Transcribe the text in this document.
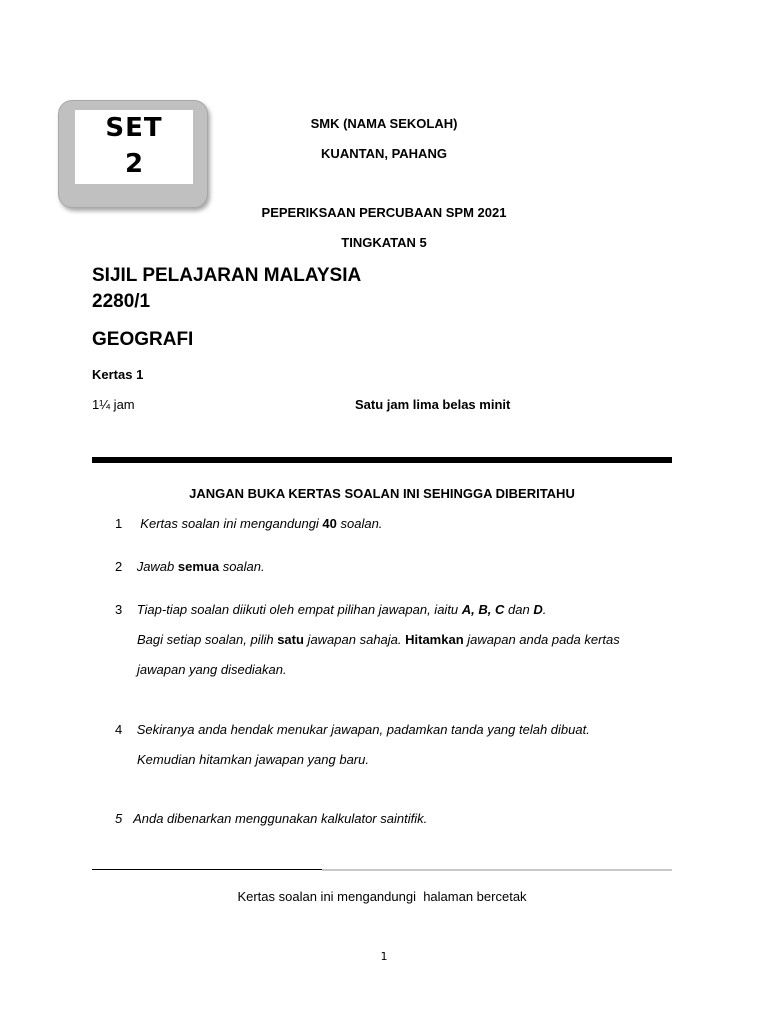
SET
2
SMK (NAMA SEKOLAH)
KUANTAN, PAHANG
PEPERIKSAAN PERCUBAAN SPM 2021
TINGKATAN 5
SIJIL PELAJARAN MALAYSIA
2280/1
GEOGRAFI
Kertas 1
1¼ jam	Satu jam lima belas minit
JANGAN BUKA KERTAS SOALAN INI SEHINGGA DIBERITAHU
1     Kertas soalan ini mengandungi 40 soalan.
2 Jawab semua soalan.
3 Tiap-tiap soalan diikuti oleh empat pilihan jawapan, iaitu A, B, C dan D.
Bagi setiap soalan, pilih satu jawapan sahaja. Hitamkan jawapan anda pada kertas
jawapan yang disediakan.
4 Sekiranya anda hendak menukar jawapan, padamkan tanda yang telah dibuat.
Kemudian hitamkan jawapan yang baru.
5 Anda dibenarkan menggunakan kalkulator saintifik.
Kertas soalan ini mengandungi halaman bercetak
1
